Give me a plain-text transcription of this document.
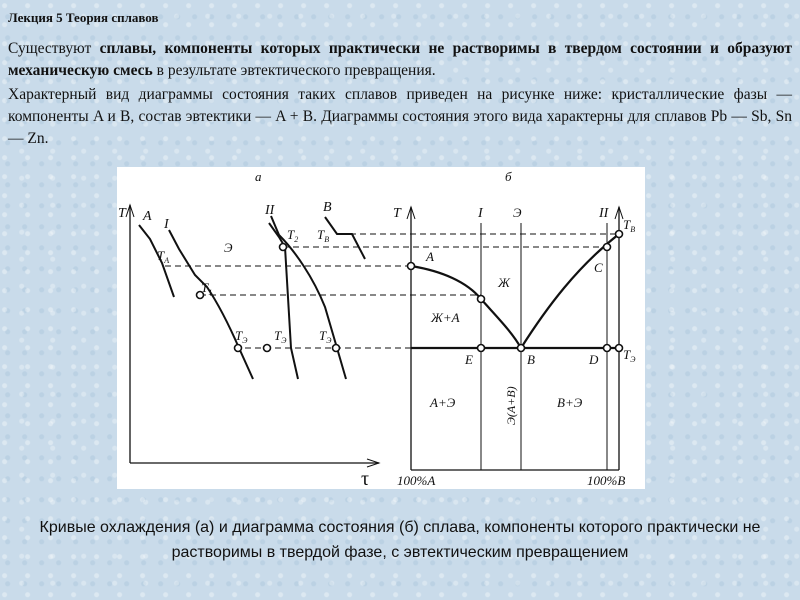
Лекция 5 Теория сплавов
Существуют сплавы, компоненты которых практически не растворимы в твердом состоянии и образуют механическую смесь в результате эвтектического превращения.
Характерный вид диаграммы состояния таких сплавов приведен на рисунке ниже: кристаллические фазы — компоненты A и B, состав эвтектики — A + B. Диаграммы состояния этого вида характерны для сплавов Pb — Sb, Sn — Zn.
а
T A
I
Э
II	B
$T_A$
$T_1$
$T_2$ $T_B$
$T_Э$ $T_Э$	$T_Э$
τ
б
T	I Э	II
$T_B$
$T_Э$
A
C
E	B	D
Ж
Ж+A
A+Э	B+Э
Э(A+B)
100%A	100%B
Кривые охлаждения (а) и диаграмма состояния (б) сплава, компоненты которого практически не растворимы в твердой фазе, с эвтектическим превращением
